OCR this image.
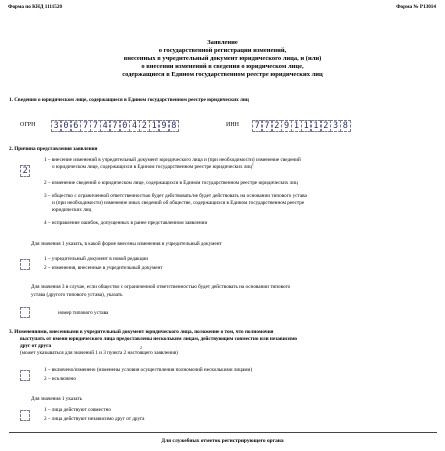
Форма по КНД 1111520	Форма № Р13014
Заявление
о государственной регистрации изменений,
внесенных в учредительный документ юридического лица, и (или)
о внесении изменений в сведения о юридическом лице,
содержащиеся в Едином государственном реестре юридических лиц
1. Сведения о юридическом лице, содержащиеся в Едином государственном реестре юридических лиц
ОГРН	3 0 6 7 7 4 7 0 4 2 1 9 8	ИНН	7 7 2 9 1 1 1 2 3 8
2. Причина представления заявления
2
1 – внесение изменений в учредительный документ юридического лица и (при необходимости) изменение сведений
о юридическом лице, содержащихся в Едином государственном реестре юридических лиц$^1$
2 – изменение сведений о юридическом лице, содержащихся в Едином государственном реестре юридических лиц
3 – общество с ограниченной ответственностью будет действовать/не будет действовать на основании типового устава
и (при необходимости) изменение иных сведений об обществе, содержащихся в Едином государственном реестре
юридических лиц
4 – исправление ошибок, допущенных в ранее представленном заявлении
Для значения 1 указать, в какой форме внесены изменения в учредительный документ
1 – учредительный документ в новой редакции
2 – изменения, внесенные в учредительный документ
Для значения 3 в случае, если общество с ограниченной ответственностью будет действовать на основании типового
устава (другого типового устава), указать
номер типового устава
3. Изменениями, внесенными в учредительный документ юридического лица, положение о том, что полномочия
выступать от имени юридического лица предоставлены нескольким лицам, действующим совместно или независимо
друг от друга
(может указываться для значений 1 и 3 пункта 2 настоящего заявления)
2
1 – включено/изменено (изменены условия осуществления полномочий несколькими лицами)
2 – исключено
Для значения 1 указать
1 – лица действуют совместно
2 – лица действуют независимо друг от друга
Для служебных отметок регистрирующего органа
